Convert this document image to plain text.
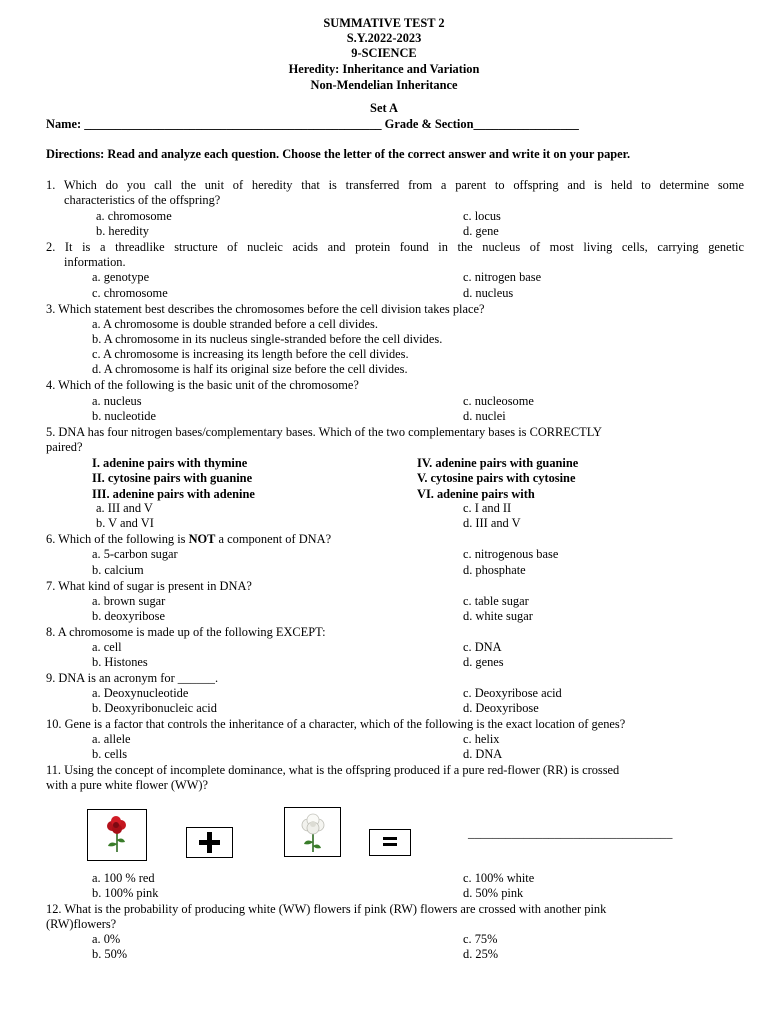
SUMMATIVE TEST 2
S.Y.2022-2023
9-SCIENCE
Heredity: Inheritance and Variation
Non-Mendelian Inheritance
Set A
Name: ________________________________________________ Grade & Section_________________
Directions: Read and analyze each question. Choose the letter of the correct answer and write it on your paper.
1. Which do you call the unit of heredity that is transferred from a parent to offspring and is held to determine some
characteristics of the offspring?
a. chromosome
b. heredity
c. locus
d. gene
2. It is a threadlike structure of nucleic acids and protein found in the nucleus of most living cells, carrying genetic
information.
a. genotype
c. chromosome
c. nitrogen base
d. nucleus
3. Which statement best describes the chromosomes before the cell division takes place?
a. A chromosome is double stranded before a cell divides.
b. A chromosome in its nucleus single-stranded before the cell divides.
c. A chromosome is increasing its length before the cell divides.
d. A chromosome is half its original size before the cell divides.
4. Which of the following is the basic unit of the chromosome?
a. nucleus
b. nucleotide
c. nucleosome
d. nuclei
5. DNA has four nitrogen bases/complementary bases. Which of the two complementary bases is CORRECTLY
paired?
I. adenine pairs with thymine
II. cytosine pairs with guanine
III. adenine pairs with adenine
IV. adenine pairs with guanine
V. cytosine pairs with cytosine
VI. adenine pairs with
a. III and V
b. V and VI
c. I and II
d. III and V
6. Which of the following is NOT a component of DNA?
a. 5-carbon sugar
b. calcium
c. nitrogenous base
d. phosphate
7. What kind of sugar is present in DNA?
a. brown sugar
b. deoxyribose
c. table sugar
d. white sugar
8. A chromosome is made up of the following EXCEPT:
a. cell
b. Histones
c. DNA
d. genes
9. DNA is an acronym for ______.
a. Deoxynucleotide
b. Deoxyribonucleic acid
c. Deoxyribose acid
d. Deoxyribose
10. Gene is a factor that controls the inheritance of a character, which of the following is the exact location of genes?
a. allele
b. cells
c. helix
d. DNA
11. Using the concept of incomplete dominance, what is the offspring produced if a pure red-flower (RR) is crossed
with a pure white flower (WW)?
_________________________________
a. 100 % red
b. 100% pink
c. 100% white
d. 50% pink
12. What is the probability of producing white (WW) flowers if pink (RW) flowers are crossed with another pink
(RW)flowers?
a. 0%
b. 50%
c. 75%
d. 25%
